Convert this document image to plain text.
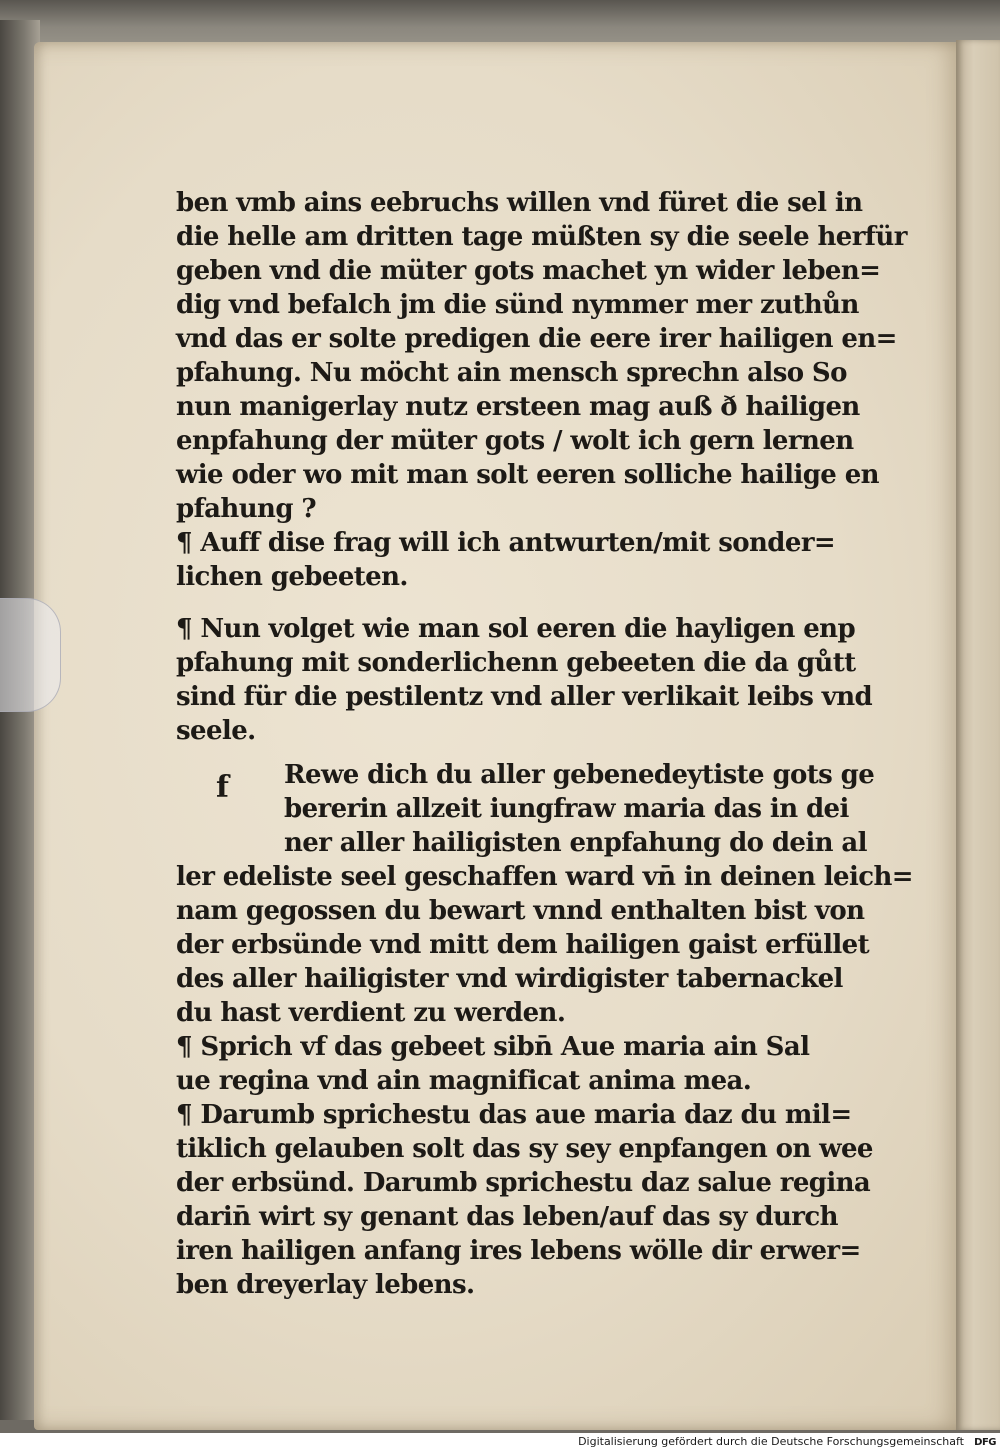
f
ben vmb ains eebruchs willen vnd füret die sel in
die helle am dritten tage müßten sy die seele herfür
geben vnd die müter gots machet yn wider leben=
dig vnd befalch jm die sünd nymmer mer zuthůn
vnd das er solte predigen die eere irer hailigen en=
pfahung. Nu möcht ain mensch sprechn also So
nun manigerlay nutz ersteen mag auß ð hailigen
enpfahung der müter gots / wolt ich gern lernen
wie oder wo mit man solt eeren solliche hailige en
pfahung ?
¶ Auff dise frag will ich antwurten/mit sonder=
lichen gebeeten.
¶ Nun volget wie man sol eeren die hayligen enp
pfahung mit sonderlichenn gebeeten die da gůtt
sind für die pestilentz vnd aller verlikait leibs vnd
seele.
Rewe dich du aller gebenedeytiste gots ge
bererin allzeit iungfraw maria das in dei
ner aller hailigisten enpfahung do dein al
ler edeliste seel geschaffen ward vn̄ in deinen leich=
nam gegossen du bewart vnnd enthalten bist von
der erbsünde vnd mitt dem hailigen gaist erfüllet
des aller hailigister vnd wirdigister tabernackel
du hast verdient zu werden.
¶ Sprich vf das gebeet sibn̄ Aue maria ain Sal
ue regina vnd ain magnificat anima mea.
¶ Darumb sprichestu das aue maria daz du mil=
tiklich gelauben solt das sy sey enpfangen on wee
der erbsünd. Darumb sprichestu daz salue regina
darin̄ wirt sy genant das leben/auf das sy durch
iren hailigen anfang ires lebens wölle dir erwer=
ben dreyerlay lebens.
Digitalisierung gefördert durch die Deutsche Forschungsgemeinschaft DFG
